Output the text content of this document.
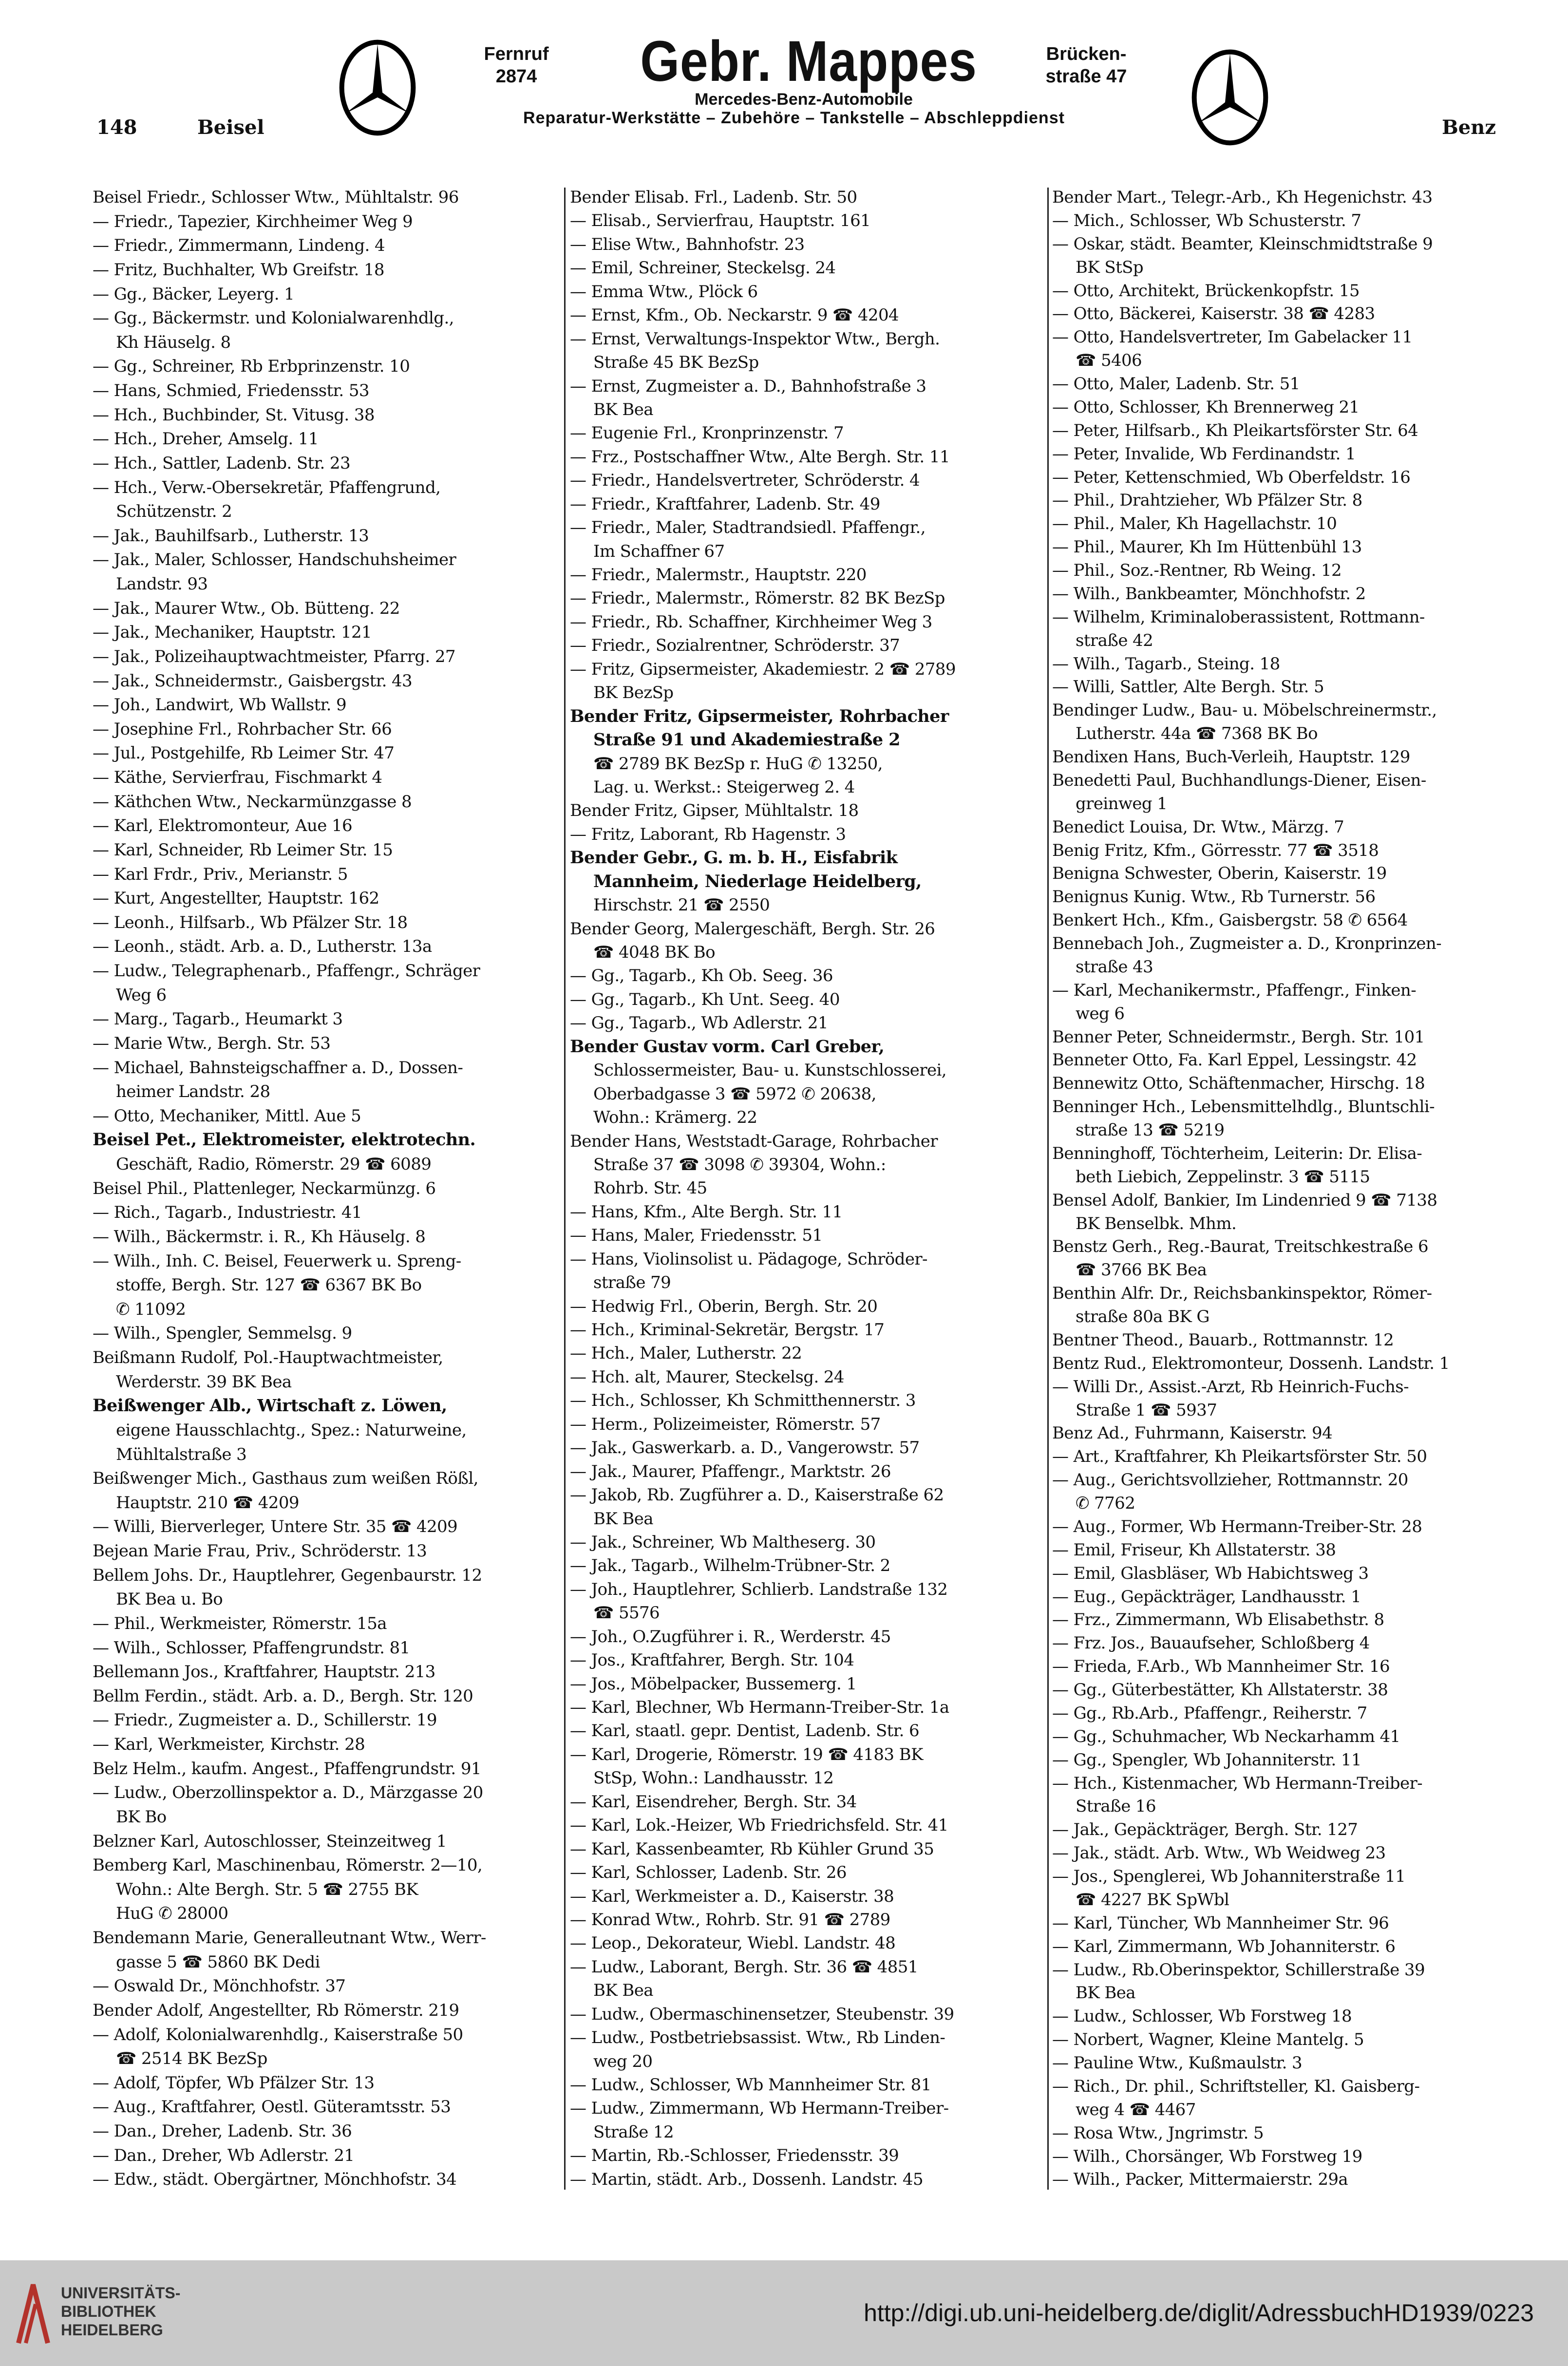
Fernruf
2874	Gebr. Mappes	Brücken-
straße 47
Mercedes-Benz-Automobile
Reparatur-Werkstätte – Zubehöre – Tankstelle – Abschleppdienst
148	Beisel	Benz
Beisel Friedr., Schlosser Wtw., Mühltalstr. 96
— Friedr., Tapezier, Kirchheimer Weg 9
— Friedr., Zimmermann, Lindeng. 4
— Fritz, Buchhalter, Wb Greifstr. 18
— Gg., Bäcker, Leyerg. 1
— Gg., Bäckermstr. und Kolonialwarenhdlg.,
Kh Häuselg. 8
— Gg., Schreiner, Rb Erbprinzenstr. 10
— Hans, Schmied, Friedensstr. 53
— Hch., Buchbinder, St. Vitusg. 38
— Hch., Dreher, Amselg. 11
— Hch., Sattler, Ladenb. Str. 23
— Hch., Verw.-Obersekretär, Pfaffengrund,
Schützenstr. 2
— Jak., Bauhilfsarb., Lutherstr. 13
— Jak., Maler, Schlosser, Handschuhsheimer
Landstr. 93
— Jak., Maurer Wtw., Ob. Bütteng. 22
— Jak., Mechaniker, Hauptstr. 121
— Jak., Polizeihauptwachtmeister, Pfarrg. 27
— Jak., Schneidermstr., Gaisbergstr. 43
— Joh., Landwirt, Wb Wallstr. 9
— Josephine Frl., Rohrbacher Str. 66
— Jul., Postgehilfe, Rb Leimer Str. 47
— Käthe, Servierfrau, Fischmarkt 4
— Käthchen Wtw., Neckarmünzgasse 8
— Karl, Elektromonteur, Aue 16
— Karl, Schneider, Rb Leimer Str. 15
— Karl Frdr., Priv., Merianstr. 5
— Kurt, Angestellter, Hauptstr. 162
— Leonh., Hilfsarb., Wb Pfälzer Str. 18
— Leonh., städt. Arb. a. D., Lutherstr. 13a
— Ludw., Telegraphenarb., Pfaffengr., Schräger
Weg 6
— Marg., Tagarb., Heumarkt 3
— Marie Wtw., Bergh. Str. 53
— Michael, Bahnsteigschaffner a. D., Dossen-
heimer Landstr. 28
— Otto, Mechaniker, Mittl. Aue 5
Beisel Pet., Elektromeister, elektrotechn.
Geschäft, Radio, Römerstr. 29 ☎ 6089
Beisel Phil., Plattenleger, Neckarmünzg. 6
— Rich., Tagarb., Industriestr. 41
— Wilh., Bäckermstr. i. R., Kh Häuselg. 8
— Wilh., Inh. C. Beisel, Feuerwerk u. Spreng-
stoffe, Bergh. Str. 127 ☎ 6367 BK Bo
✆ 11092
— Wilh., Spengler, Semmelsg. 9
Beißmann Rudolf, Pol.-Hauptwachtmeister,
Werderstr. 39 BK Bea
Beißwenger Alb., Wirtschaft z. Löwen,
eigene Hausschlachtg., Spez.: Naturweine,
Mühltalstraße 3
Beißwenger Mich., Gasthaus zum weißen Rößl,
Hauptstr. 210 ☎ 4209
— Willi, Bierverleger, Untere Str. 35 ☎ 4209
Bejean Marie Frau, Priv., Schröderstr. 13
Bellem Johs. Dr., Hauptlehrer, Gegenbaurstr. 12
BK Bea u. Bo
— Phil., Werkmeister, Römerstr. 15a
— Wilh., Schlosser, Pfaffengrundstr. 81
Bellemann Jos., Kraftfahrer, Hauptstr. 213
Bellm Ferdin., städt. Arb. a. D., Bergh. Str. 120
— Friedr., Zugmeister a. D., Schillerstr. 19
— Karl, Werkmeister, Kirchstr. 28
Belz Helm., kaufm. Angest., Pfaffengrundstr. 91
— Ludw., Oberzollinspektor a. D., Märzgasse 20
BK Bo
Belzner Karl, Autoschlosser, Steinzeitweg 1
Bemberg Karl, Maschinenbau, Römerstr. 2—10,
Wohn.: Alte Bergh. Str. 5 ☎ 2755 BK
HuG ✆ 28000
Bendemann Marie, Generalleutnant Wtw., Werr-
gasse 5 ☎ 5860 BK Dedi
— Oswald Dr., Mönchhofstr. 37
Bender Adolf, Angestellter, Rb Römerstr. 219
— Adolf, Kolonialwarenhdlg., Kaiserstraße 50
☎ 2514 BK BezSp
— Adolf, Töpfer, Wb Pfälzer Str. 13
— Aug., Kraftfahrer, Oestl. Güteramtsstr. 53
— Dan., Dreher, Ladenb. Str. 36
— Dan., Dreher, Wb Adlerstr. 21
— Edw., städt. Obergärtner, Mönchhofstr. 34
Bender Elisab. Frl., Ladenb. Str. 50
— Elisab., Servierfrau, Hauptstr. 161
— Elise Wtw., Bahnhofstr. 23
— Emil, Schreiner, Steckelsg. 24
— Emma Wtw., Plöck 6
— Ernst, Kfm., Ob. Neckarstr. 9 ☎ 4204
— Ernst, Verwaltungs-Inspektor Wtw., Bergh.
Straße 45 BK BezSp
— Ernst, Zugmeister a. D., Bahnhofstraße 3
BK Bea
— Eugenie Frl., Kronprinzenstr. 7
— Frz., Postschaffner Wtw., Alte Bergh. Str. 11
— Friedr., Handelsvertreter, Schröderstr. 4
— Friedr., Kraftfahrer, Ladenb. Str. 49
— Friedr., Maler, Stadtrandsiedl. Pfaffengr.,
Im Schaffner 67
— Friedr., Malermstr., Hauptstr. 220
— Friedr., Malermstr., Römerstr. 82 BK BezSp
— Friedr., Rb. Schaffner, Kirchheimer Weg 3
— Friedr., Sozialrentner, Schröderstr. 37
— Fritz, Gipsermeister, Akademiestr. 2 ☎ 2789
BK BezSp
Bender Fritz, Gipsermeister, Rohrbacher
Straße 91 und Akademiestraße 2
☎ 2789 BK BezSp r. HuG ✆ 13250,
Lag. u. Werkst.: Steigerweg 2. 4
Bender Fritz, Gipser, Mühltalstr. 18
— Fritz, Laborant, Rb Hagenstr. 3
Bender Gebr., G. m. b. H., Eisfabrik
Mannheim, Niederlage Heidelberg,
Hirschstr. 21 ☎ 2550
Bender Georg, Malergeschäft, Bergh. Str. 26
☎ 4048 BK Bo
— Gg., Tagarb., Kh Ob. Seeg. 36
— Gg., Tagarb., Kh Unt. Seeg. 40
— Gg., Tagarb., Wb Adlerstr. 21
Bender Gustav vorm. Carl Greber,
Schlossermeister, Bau- u. Kunstschlosserei,
Oberbadgasse 3 ☎ 5972 ✆ 20638,
Wohn.: Krämerg. 22
Bender Hans, Weststadt-Garage, Rohrbacher
Straße 37 ☎ 3098 ✆ 39304, Wohn.:
Rohrb. Str. 45
— Hans, Kfm., Alte Bergh. Str. 11
— Hans, Maler, Friedensstr. 51
— Hans, Violinsolist u. Pädagoge, Schröder-
straße 79
— Hedwig Frl., Oberin, Bergh. Str. 20
— Hch., Kriminal-Sekretär, Bergstr. 17
— Hch., Maler, Lutherstr. 22
— Hch. alt, Maurer, Steckelsg. 24
— Hch., Schlosser, Kh Schmitthennerstr. 3
— Herm., Polizeimeister, Römerstr. 57
— Jak., Gaswerkarb. a. D., Vangerowstr. 57
— Jak., Maurer, Pfaffengr., Marktstr. 26
— Jakob, Rb. Zugführer a. D., Kaiserstraße 62
BK Bea
— Jak., Schreiner, Wb Maltheserg. 30
— Jak., Tagarb., Wilhelm-Trübner-Str. 2
— Joh., Hauptlehrer, Schlierb. Landstraße 132
☎ 5576
— Joh., O.Zugführer i. R., Werderstr. 45
— Jos., Kraftfahrer, Bergh. Str. 104
— Jos., Möbelpacker, Bussemerg. 1
— Karl, Blechner, Wb Hermann-Treiber-Str. 1a
— Karl, staatl. gepr. Dentist, Ladenb. Str. 6
— Karl, Drogerie, Römerstr. 19 ☎ 4183 BK
StSp, Wohn.: Landhausstr. 12
— Karl, Eisendreher, Bergh. Str. 34
— Karl, Lok.-Heizer, Wb Friedrichsfeld. Str. 41
— Karl, Kassenbeamter, Rb Kühler Grund 35
— Karl, Schlosser, Ladenb. Str. 26
— Karl, Werkmeister a. D., Kaiserstr. 38
— Konrad Wtw., Rohrb. Str. 91 ☎ 2789
— Leop., Dekorateur, Wiebl. Landstr. 48
— Ludw., Laborant, Bergh. Str. 36 ☎ 4851
BK Bea
— Ludw., Obermaschinensetzer, Steubenstr. 39
— Ludw., Postbetriebsassist. Wtw., Rb Linden-
weg 20
— Ludw., Schlosser, Wb Mannheimer Str. 81
— Ludw., Zimmermann, Wb Hermann-Treiber-
Straße 12
— Martin, Rb.-Schlosser, Friedensstr. 39
— Martin, städt. Arb., Dossenh. Landstr. 45
Bender Mart., Telegr.-Arb., Kh Hegenichstr. 43
— Mich., Schlosser, Wb Schusterstr. 7
— Oskar, städt. Beamter, Kleinschmidtstraße 9
BK StSp
— Otto, Architekt, Brückenkopfstr. 15
— Otto, Bäckerei, Kaiserstr. 38 ☎ 4283
— Otto, Handelsvertreter, Im Gabelacker 11
☎ 5406
— Otto, Maler, Ladenb. Str. 51
— Otto, Schlosser, Kh Brennerweg 21
— Peter, Hilfsarb., Kh Pleikartsförster Str. 64
— Peter, Invalide, Wb Ferdinandstr. 1
— Peter, Kettenschmied, Wb Oberfeldstr. 16
— Phil., Drahtzieher, Wb Pfälzer Str. 8
— Phil., Maler, Kh Hagellachstr. 10
— Phil., Maurer, Kh Im Hüttenbühl 13
— Phil., Soz.-Rentner, Rb Weing. 12
— Wilh., Bankbeamter, Mönchhofstr. 2
— Wilhelm, Kriminaloberassistent, Rottmann-
straße 42
— Wilh., Tagarb., Steing. 18
— Willi, Sattler, Alte Bergh. Str. 5
Bendinger Ludw., Bau- u. Möbelschreinermstr.,
Lutherstr. 44a ☎ 7368 BK Bo
Bendixen Hans, Buch-Verleih, Hauptstr. 129
Benedetti Paul, Buchhandlungs-Diener, Eisen-
greinweg 1
Benedict Louisa, Dr. Wtw., Märzg. 7
Benig Fritz, Kfm., Görresstr. 77 ☎ 3518
Benigna Schwester, Oberin, Kaiserstr. 19
Benignus Kunig. Wtw., Rb Turnerstr. 56
Benkert Hch., Kfm., Gaisbergstr. 58 ✆ 6564
Bennebach Joh., Zugmeister a. D., Kronprinzen-
straße 43
— Karl, Mechanikermstr., Pfaffengr., Finken-
weg 6
Benner Peter, Schneidermstr., Bergh. Str. 101
Benneter Otto, Fa. Karl Eppel, Lessingstr. 42
Bennewitz Otto, Schäftenmacher, Hirschg. 18
Benninger Hch., Lebensmittelhdlg., Bluntschli-
straße 13 ☎ 5219
Benninghoff, Töchterheim, Leiterin: Dr. Elisa-
beth Liebich, Zeppelinstr. 3 ☎ 5115
Bensel Adolf, Bankier, Im Lindenried 9 ☎ 7138
BK Benselbk. Mhm.
Benstz Gerh., Reg.-Baurat, Treitschkestraße 6
☎ 3766 BK Bea
Benthin Alfr. Dr., Reichsbankinspektor, Römer-
straße 80a BK G
Bentner Theod., Bauarb., Rottmannstr. 12
Bentz Rud., Elektromonteur, Dossenh. Landstr. 1
— Willi Dr., Assist.-Arzt, Rb Heinrich-Fuchs-
Straße 1 ☎ 5937
Benz Ad., Fuhrmann, Kaiserstr. 94
— Art., Kraftfahrer, Kh Pleikartsförster Str. 50
— Aug., Gerichtsvollzieher, Rottmannstr. 20
✆ 7762
— Aug., Former, Wb Hermann-Treiber-Str. 28
— Emil, Friseur, Kh Allstaterstr. 38
— Emil, Glasbläser, Wb Habichtsweg 3
— Eug., Gepäckträger, Landhausstr. 1
— Frz., Zimmermann, Wb Elisabethstr. 8
— Frz. Jos., Bauaufseher, Schloßberg 4
— Frieda, F.Arb., Wb Mannheimer Str. 16
— Gg., Güterbestätter, Kh Allstaterstr. 38
— Gg., Rb.Arb., Pfaffengr., Reiherstr. 7
— Gg., Schuhmacher, Wb Neckarhamm 41
— Gg., Spengler, Wb Johanniterstr. 11
— Hch., Kistenmacher, Wb Hermann-Treiber-
Straße 16
— Jak., Gepäckträger, Bergh. Str. 127
— Jak., städt. Arb. Wtw., Wb Weidweg 23
— Jos., Spenglerei, Wb Johanniterstraße 11
☎ 4227 BK SpWbl
— Karl, Tüncher, Wb Mannheimer Str. 96
— Karl, Zimmermann, Wb Johanniterstr. 6
— Ludw., Rb.Oberinspektor, Schillerstraße 39
BK Bea
— Ludw., Schlosser, Wb Forstweg 18
— Norbert, Wagner, Kleine Mantelg. 5
— Pauline Wtw., Kußmaulstr. 3
— Rich., Dr. phil., Schriftsteller, Kl. Gaisberg-
weg 4 ☎ 4467
— Rosa Wtw., Jngrimstr. 5
— Wilh., Chorsänger, Wb Forstweg 19
— Wilh., Packer, Mittermaierstr. 29a
UNIVERSITÄTS-
BIBLIOTHEK
HEIDELBERG
http://digi.ub.uni-heidelberg.de/diglit/AdressbuchHD1939/0223
